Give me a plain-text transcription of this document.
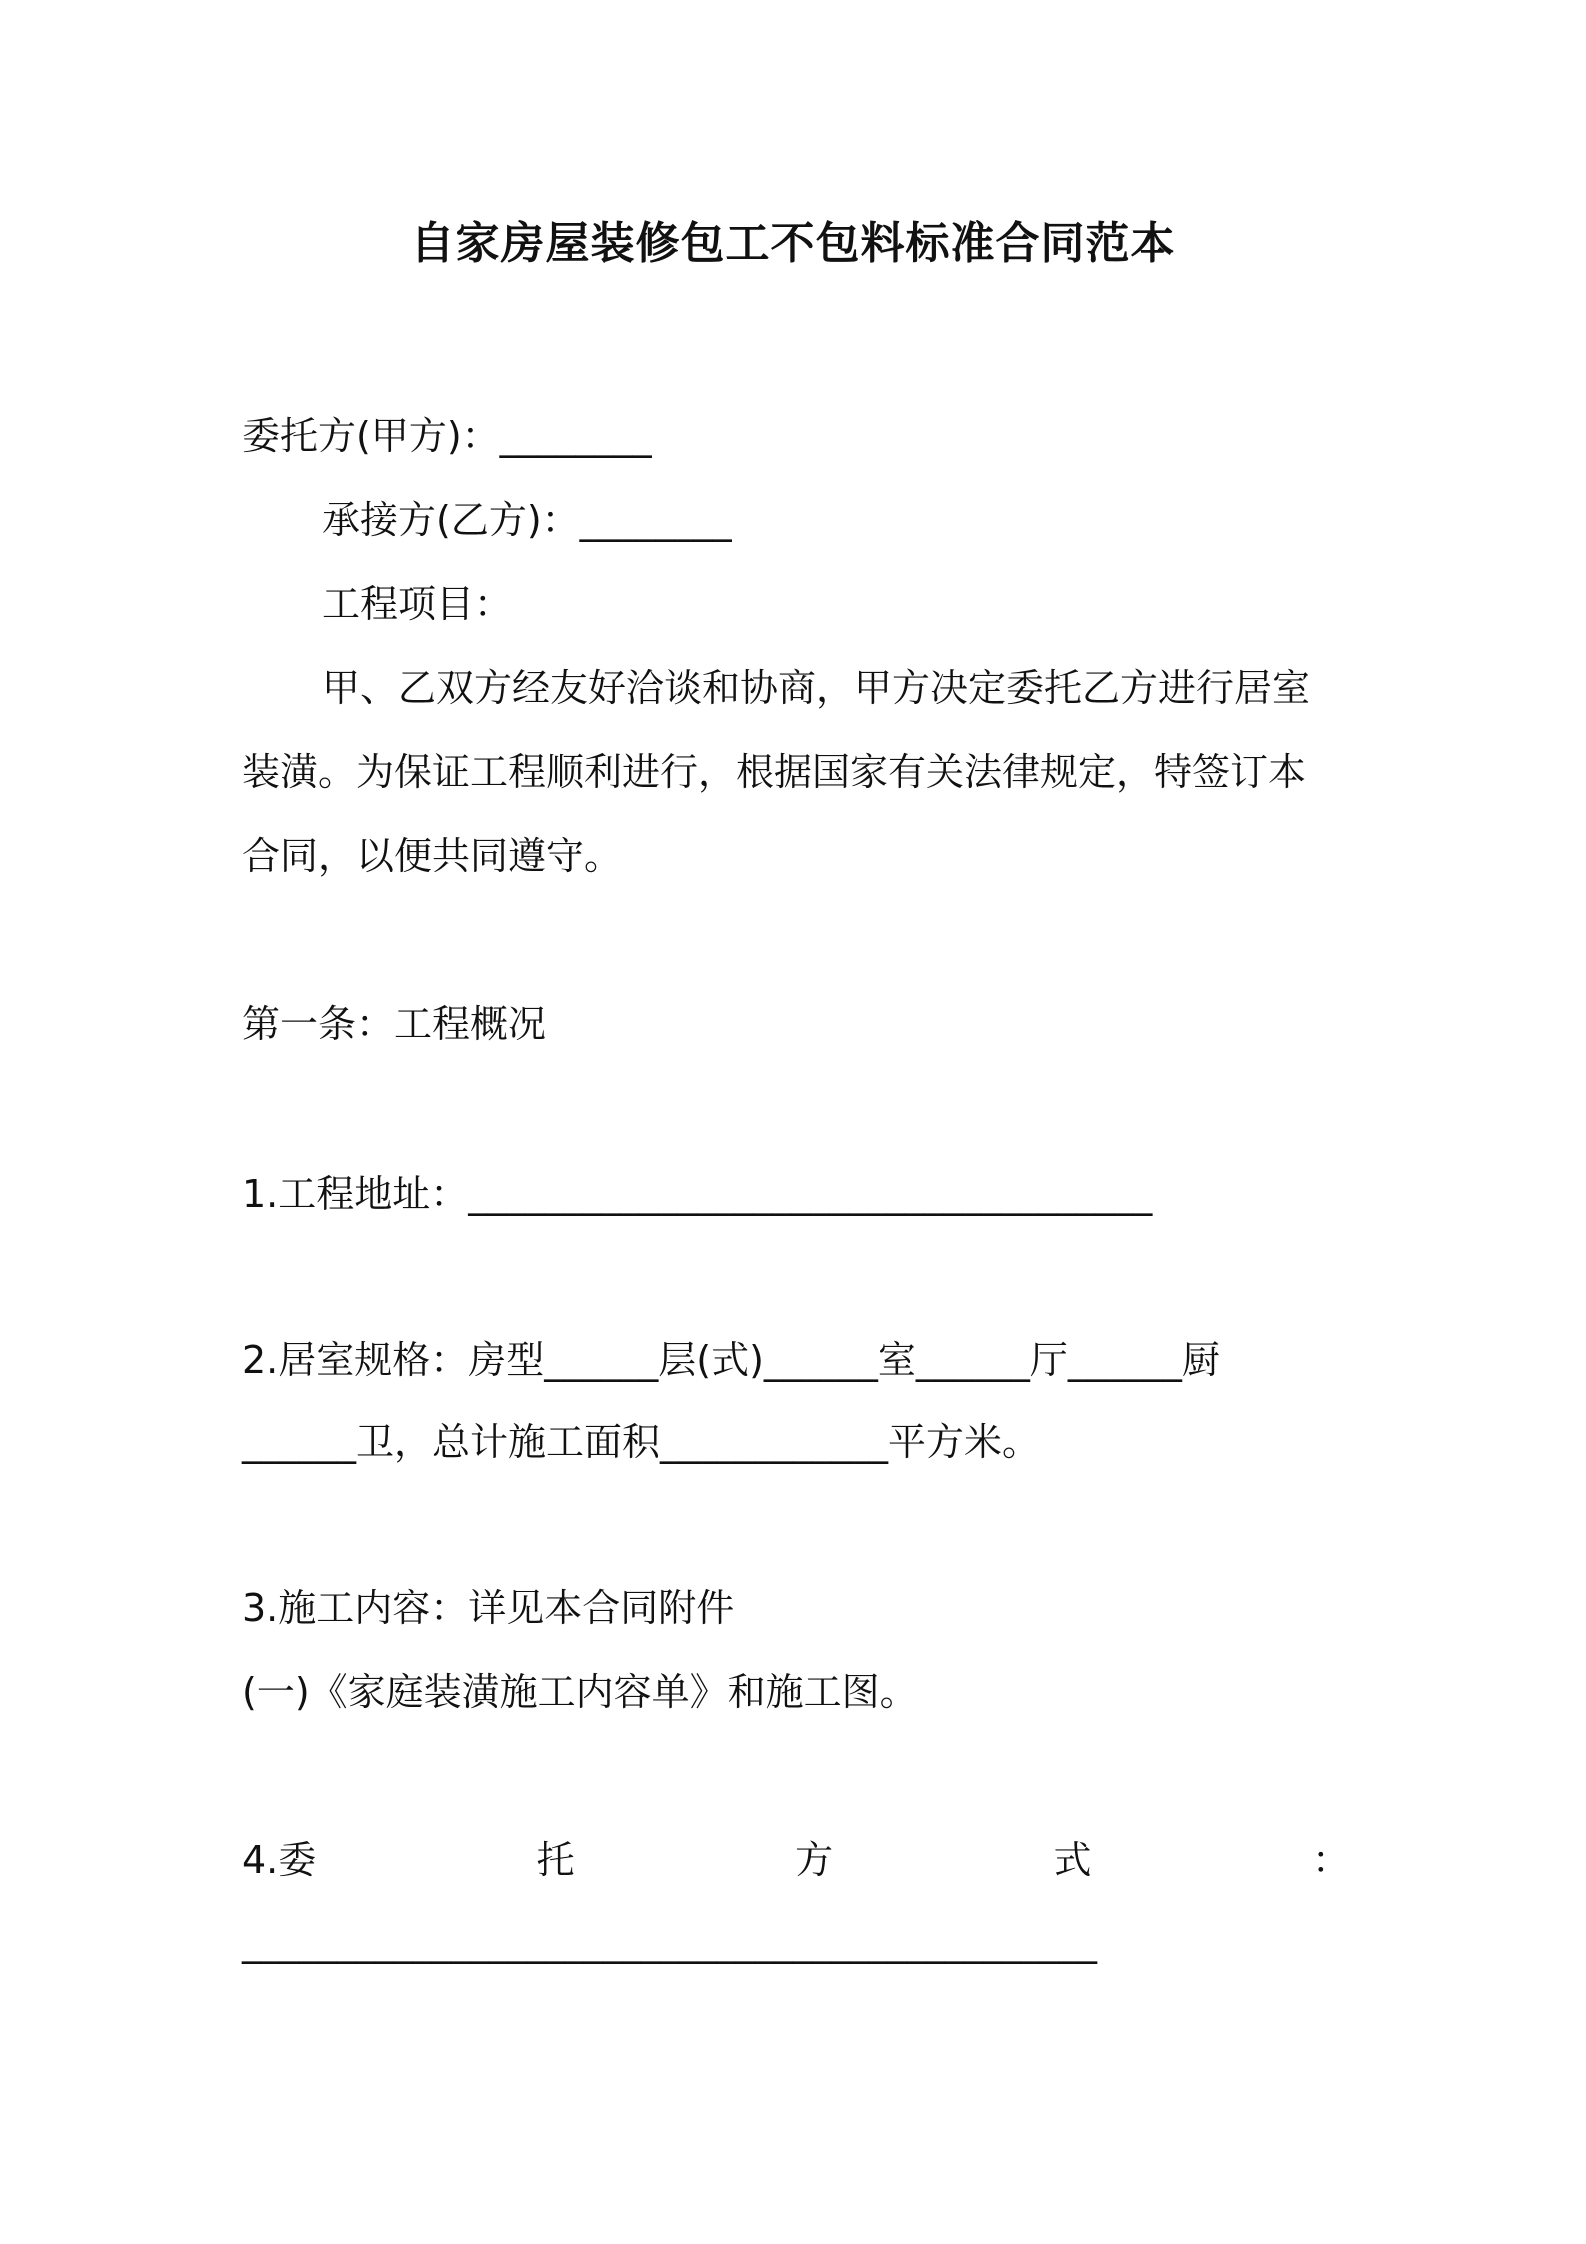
自家房屋装修包工不包料标准合同范本
委托方(甲方)：________
承接方(乙方)：________
工程项目：
甲、乙双方经友好洽谈和协商，甲方决定委托乙方进行居室
装潢。为保证工程顺利进行，根据国家有关法律规定，特签订本
合同，以便共同遵守。
第一条：工程概况
1.工程地址：____________________________________
2.居室规格：房型______层(式)______室______厅______厨
______卫，总计施工面积____________平方米。
3.施工内容：详见本合同附件
(一)《家庭装潢施工内容单》和施工图。
4.委	托	方	式	：
_____________________________________________
